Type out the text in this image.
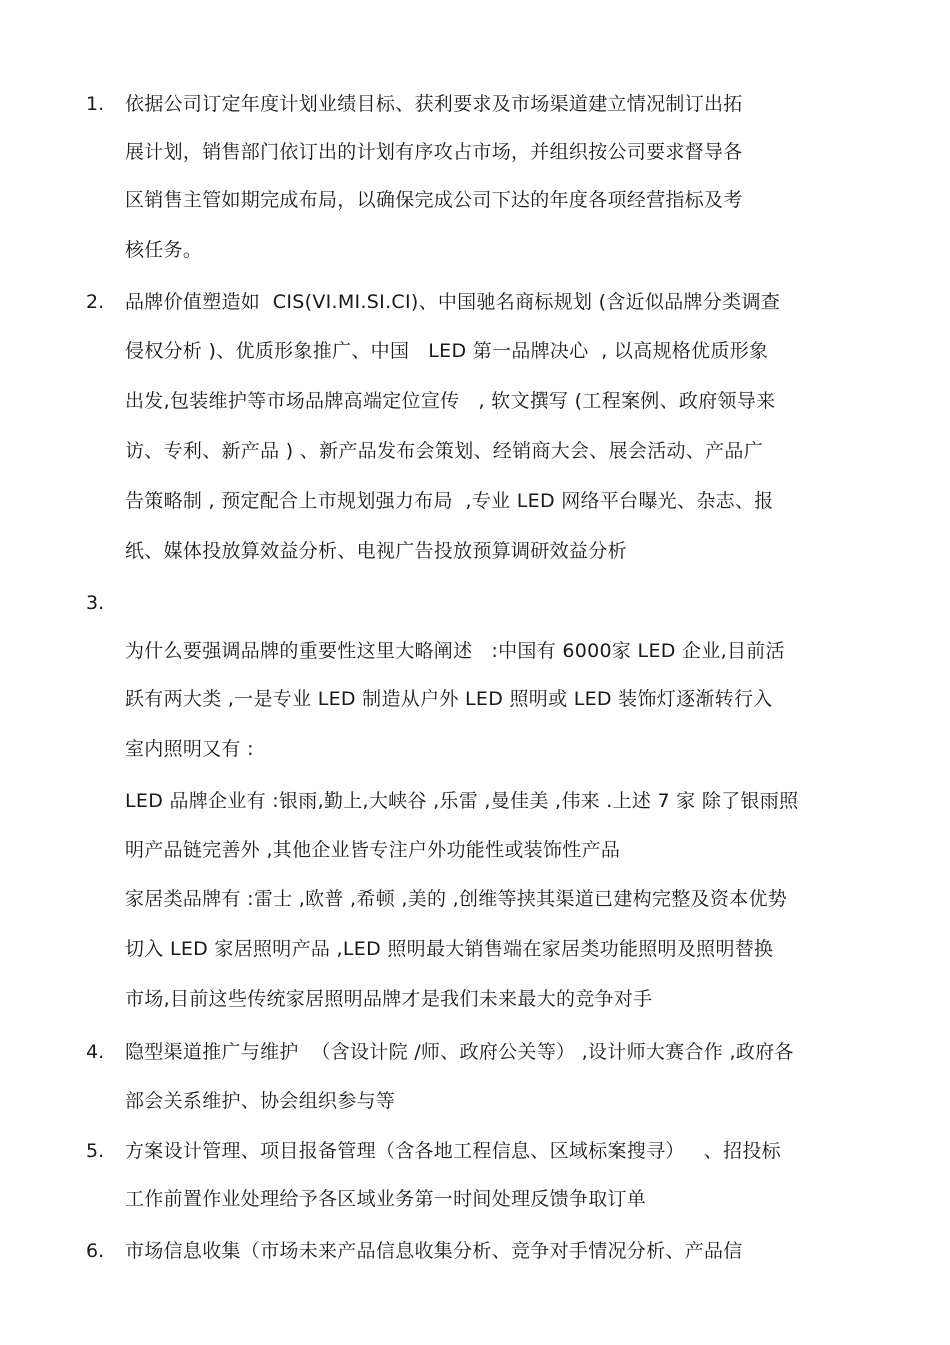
1. 依据公司订定年度计划业绩目标、获利要求及市场渠道建立情况制订出拓
展计划，销售部门依订出的计划有序攻占市场，并组织按公司要求督导各
区销售主管如期完成布局，以确保完成公司下达的年度各项经营指标及考
核任务。
2. 品牌价值塑造如  CIS(VI.MI.SI.CI)、中国驰名商标规划 (含近似品牌分类调查
侵权分析 )、优质形象推广、中国   LED 第一品牌决心  , 以高规格优质形象
出发,包装维护等市场品牌高端定位宣传   , 软文撰写 (工程案例、政府领导来
访、专利、新产品 ) 、新产品发布会策划、经销商大会、展会活动、产品广
告策略制 , 预定配合上市规划强力布局  ,专业 LED 网络平台曝光、杂志、报
纸、媒体投放算效益分析、电视广告投放预算调研效益分析
3.
为什么要强调品牌的重要性这里大略阐述   :中国有 6000家 LED 企业,目前活
跃有两大类 ,一是专业 LED 制造从户外 LED 照明或 LED 装饰灯逐渐转行入
室内照明又有 :
LED 品牌企业有 :银雨,勤上,大峡谷 ,乐雷 ,曼佳美 ,伟来 .上述 7 家 除了银雨照
明产品链完善外 ,其他企业皆专注户外功能性或装饰性产品
家居类品牌有 :雷士 ,欧普 ,希顿 ,美的 ,创维等挟其渠道已建构完整及资本优势
切入 LED 家居照明产品 ,LED 照明最大销售端在家居类功能照明及照明替换
市场,目前这些传统家居照明品牌才是我们未来最大的竞争对手
4. 隐型渠道推广与维护  （含设计院 /师、政府公关等） ,设计师大赛合作 ,政府各
部会关系维护、协会组织参与等
5. 方案设计管理、项目报备管理（含各地工程信息、区域标案搜寻）   、招投标
工作前置作业处理给予各区域业务第一时间处理反馈争取订单
6. 市场信息收集（市场未来产品信息收集分析、竞争对手情况分析、产品信
